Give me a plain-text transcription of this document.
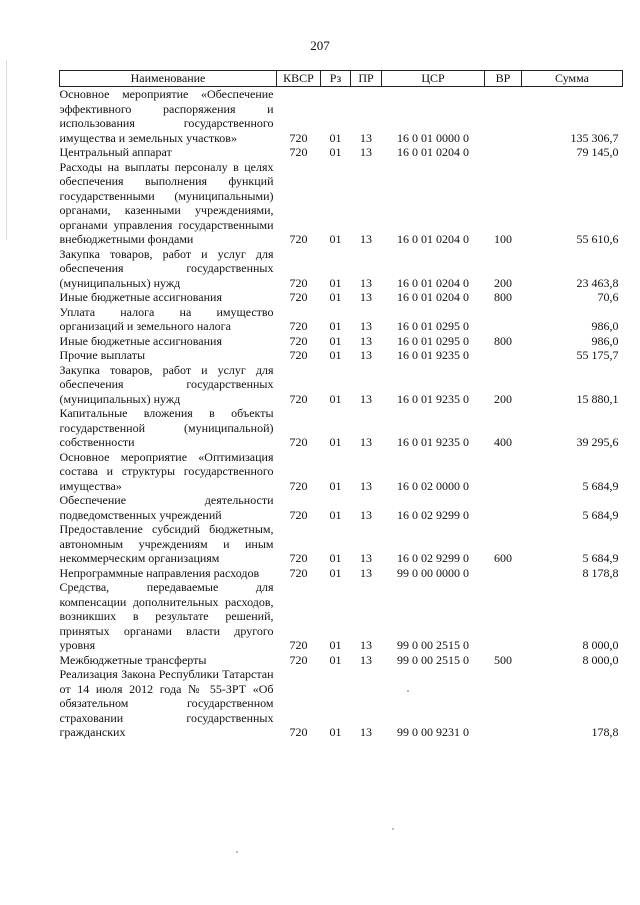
207
Наименование	КВСР	Рз	ПР	ЦСР	ВР	Сумма
Основное мероприятие «Обеспечение эффективного распоряжения и использования государственного имущества и земельных участков»	720	01	13	16 0 01 0000 0		135 306,7
Центральный аппарат	720	01	13	16 0 01 0204 0		79 145,0
Расходы на выплаты персоналу в целях обеспечения выполнения функций государственными (муниципальными) органами, казенными учреждениями, органами управления государственными внебюджетными фондами	720	01	13	16 0 01 0204 0	100	55 610,6
Закупка товаров, работ и услуг для обеспечения государственных (муниципальных) нужд	720	01	13	16 0 01 0204 0	200	23 463,8
Иные бюджетные ассигнования	720	01	13	16 0 01 0204 0	800	70,6
Уплата налога на имущество организаций и земельного налога	720	01	13	16 0 01 0295 0		986,0
Иные бюджетные ассигнования	720	01	13	16 0 01 0295 0	800	986,0
Прочие выплаты	720	01	13	16 0 01 9235 0		55 175,7
Закупка товаров, работ и услуг для обеспечения государственных (муниципальных) нужд	720	01	13	16 0 01 9235 0	200	15 880,1
Капитальные вложения в объекты государственной (муниципальной) собственности	720	01	13	16 0 01 9235 0	400	39 295,6
Основное мероприятие «Оптимизация состава и структуры государственного имущества»	720	01	13	16 0 02 0000 0		5 684,9
Обеспечение деятельности подведомственных учреждений	720	01	13	16 0 02 9299 0		5 684,9
Предоставление субсидий бюджетным, автономным учреждениям и иным некоммерческим организациям	720	01	13	16 0 02 9299 0	600	5 684,9
Непрограммные направления расходов	720	01	13	99 0 00 0000 0		8 178,8
Средства, передаваемые для компенсации дополнительных расходов, возникших в результате решений, принятых органами власти другого уровня	720	01	13	99 0 00 2515 0		8 000,0
Межбюджетные трансферты	720	01	13	99 0 00 2515 0	500	8 000,0
Реализация Закона Республики Татарстан от 14 июля 2012 года № 55-ЗРТ «Об обязательном государственном страховании государственных гражданских	720	01	13	99 0 00 9231 0		178,8
